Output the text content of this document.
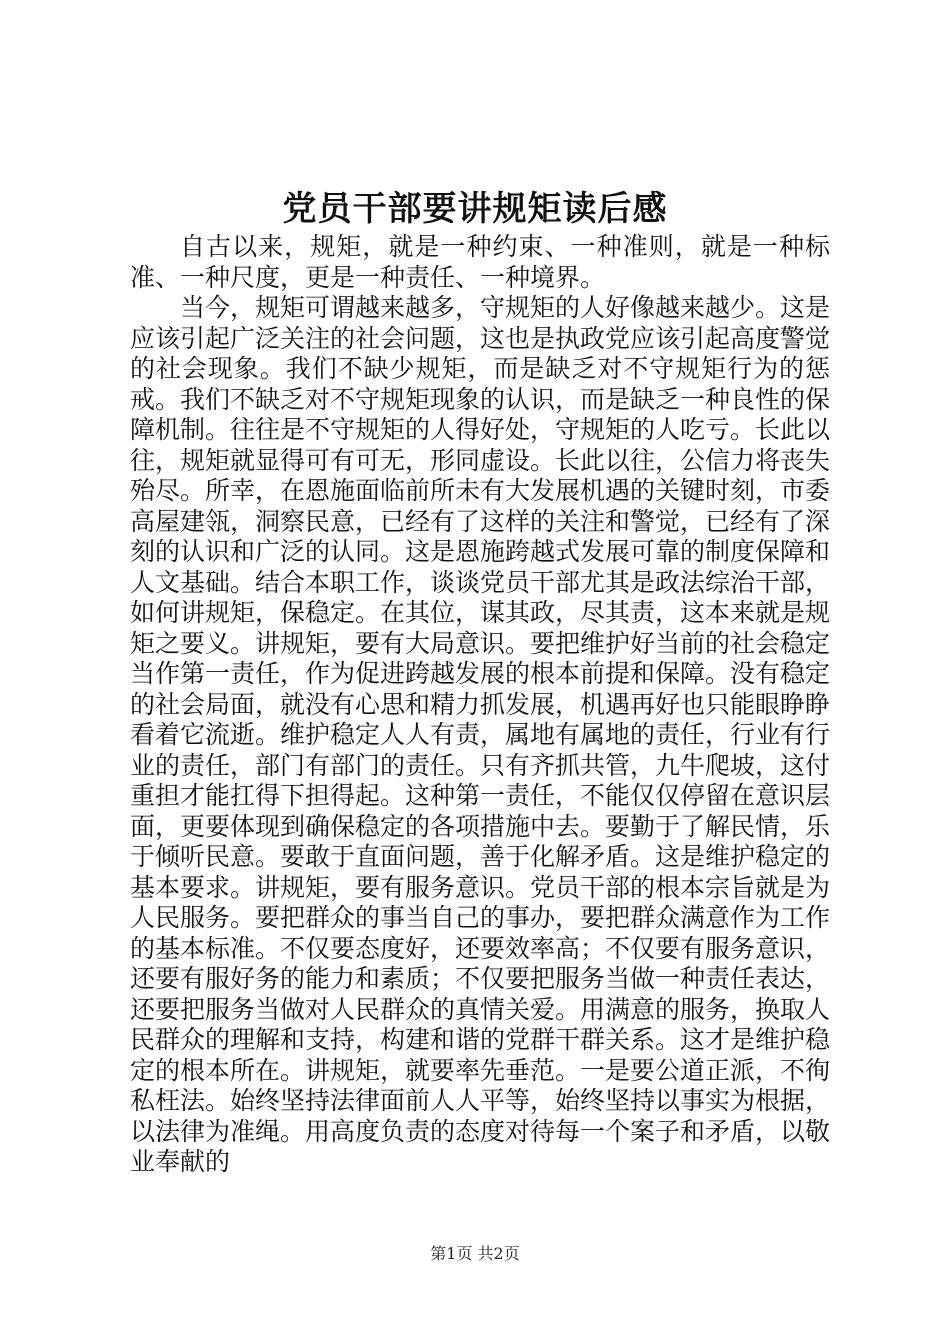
党员干部要讲规矩读后感

自古以来，规矩，就是一种约束、一种准则，就是一种标准、一种尺度，更是一种责任、一种境界。

当今，规矩可谓越来越多，守规矩的人好像越来越少。这是应该引起广泛关注的社会问题，这也是执政党应该引起高度警觉的社会现象。我们不缺少规矩，而是缺乏对不守规矩行为的惩戒。我们不缺乏对不守规矩现象的认识，而是缺乏一种良性的保障机制。往往是不守规矩的人得好处，守规矩的人吃亏。长此以往，规矩就显得可有可无，形同虚设。长此以往，公信力将丧失殆尽。所幸，在恩施面临前所未有大发展机遇的关键时刻，市委高屋建瓴，洞察民意，已经有了这样的关注和警觉，已经有了深刻的认识和广泛的认同。这是恩施跨越式发展可靠的制度保障和人文基础。结合本职工作，谈谈党员干部尤其是政法综治干部，如何讲规矩，保稳定。在其位，谋其政，尽其责，这本来就是规矩之要义。讲规矩，要有大局意识。要把维护好当前的社会稳定当作第一责任，作为促进跨越发展的根本前提和保障。没有稳定的社会局面，就没有心思和精力抓发展，机遇再好也只能眼睁睁看着它流逝。维护稳定人人有责，属地有属地的责任，行业有行业的责任，部门有部门的责任。只有齐抓共管，九牛爬坡，这付重担才能扛得下担得起。这种第一责任，不能仅仅停留在意识层面，更要体现到确保稳定的各项措施中去。要勤于了解民情，乐于倾听民意。要敢于直面问题，善于化解矛盾。这是维护稳定的基本要求。讲规矩，要有服务意识。党员干部的根本宗旨就是为人民服务。要把群众的事当自己的事办，要把群众满意作为工作的基本标准。不仅要态度好，还要效率高；不仅要有服务意识，还要有服好务的能力和素质；不仅要把服务当做一种责任表达，还要把服务当做对人民群众的真情关爱。用满意的服务，换取人民群众的理解和支持，构建和谐的党群干群关系。这才是维护稳定的根本所在。讲规矩，就要率先垂范。一是要公道正派，不徇私枉法。始终坚持法律面前人人平等，始终坚持以事实为根据，以法律为准绳。用高度负责的态度对待每一个案子和矛盾，以敬业奉献的

第1页 共2页
